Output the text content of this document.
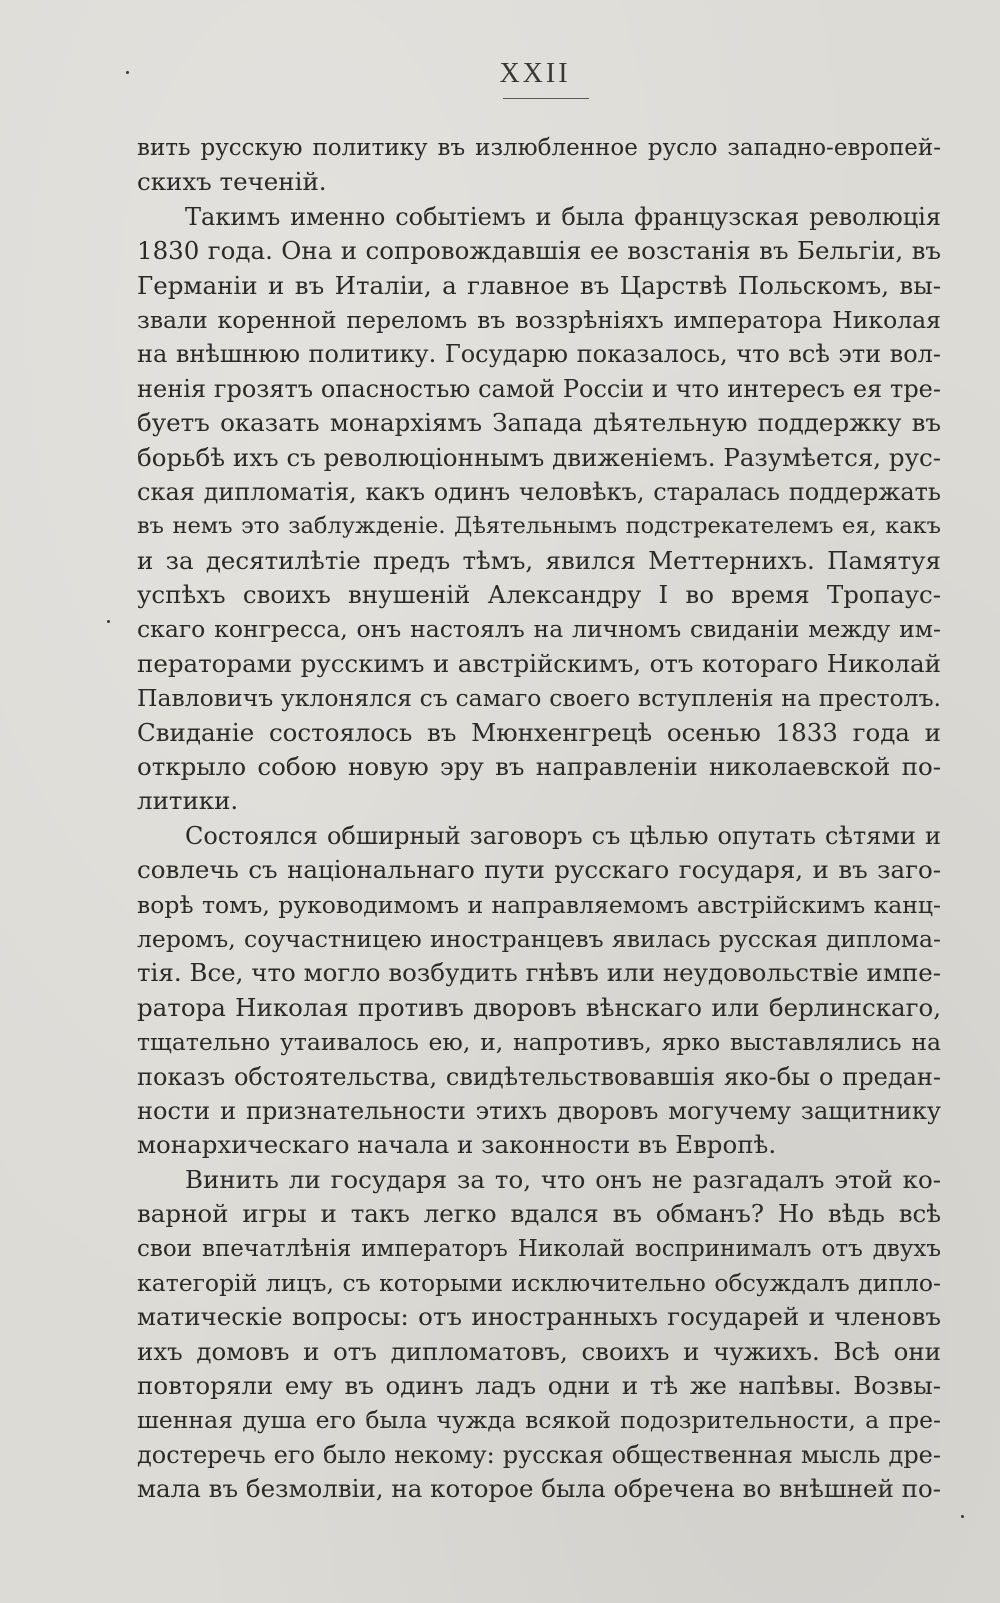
XXII
вить русскую политику въ излюбленное русло западно-европей-
скихъ теченій.
Такимъ именно событіемъ и была французская революція
1830 года. Она и сопровождавшія ее возстанія въ Бельгіи, въ
Германіи и въ Италіи, а главное въ Царствѣ Польскомъ, вы-
звали коренной переломъ въ воззрѣніяхъ императора Николая
на внѣшнюю политику. Государю показалось, что всѣ эти вол-
ненія грозятъ опасностью самой Россіи и что интересъ ея тре-
буетъ оказать монархіямъ Запада дѣятельную поддержку въ
борьбѣ ихъ съ революціоннымъ движеніемъ. Разумѣется, рус-
ская дипломатія, какъ одинъ человѣкъ, старалась поддержать
въ немъ это заблужденіе. Дѣятельнымъ подстрекателемъ ея, какъ
и за десятилѣтіе предъ тѣмъ, явился Меттернихъ. Памятуя
успѣхъ своихъ внушеній Александру I во время Тропаус-
скаго конгресса, онъ настоялъ на личномъ свиданіи между им-
ператорами русскимъ и австрійскимъ, отъ котораго Николай
Павловичъ уклонялся съ самаго своего вступленія на престолъ.
Свиданіе состоялось въ Мюнхенгрецѣ осенью 1833 года и
открыло собою новую эру въ направленіи николаевской по-
литики.
Состоялся обширный заговоръ съ цѣлью опутать сѣтями и
совлечь съ національнаго пути русскаго государя, и въ заго-
ворѣ томъ, руководимомъ и направляемомъ австрійскимъ канц-
леромъ, соучастницею иностранцевъ явилась русская диплома-
тія. Все, что могло возбудить гнѣвъ или неудовольствіе импе-
ратора Николая противъ дворовъ вѣнскаго или берлинскаго,
тщательно утаивалось ею, и, напротивъ, ярко выставлялись на
показъ обстоятельства, свидѣтельствовавшія яко-бы о предан-
ности и признательности этихъ дворовъ могучему защитнику
монархическаго начала и законности въ Европѣ.
Винить ли государя за то, что онъ не разгадалъ этой ко-
варной игры и такъ легко вдался въ обманъ? Но вѣдь всѣ
свои впечатлѣнія императоръ Николай воспринималъ отъ двухъ
категорій лицъ, съ которыми исключительно обсуждалъ дипло-
матическіе вопросы: отъ иностранныхъ государей и членовъ
ихъ домовъ и отъ дипломатовъ, своихъ и чужихъ. Всѣ они
повторяли ему въ одинъ ладъ одни и тѣ же напѣвы. Возвы-
шенная душа его была чужда всякой подозрительности, а пре-
достеречь его было некому: русская общественная мысль дре-
мала въ безмолвіи, на которое была обречена во внѣшней по-
